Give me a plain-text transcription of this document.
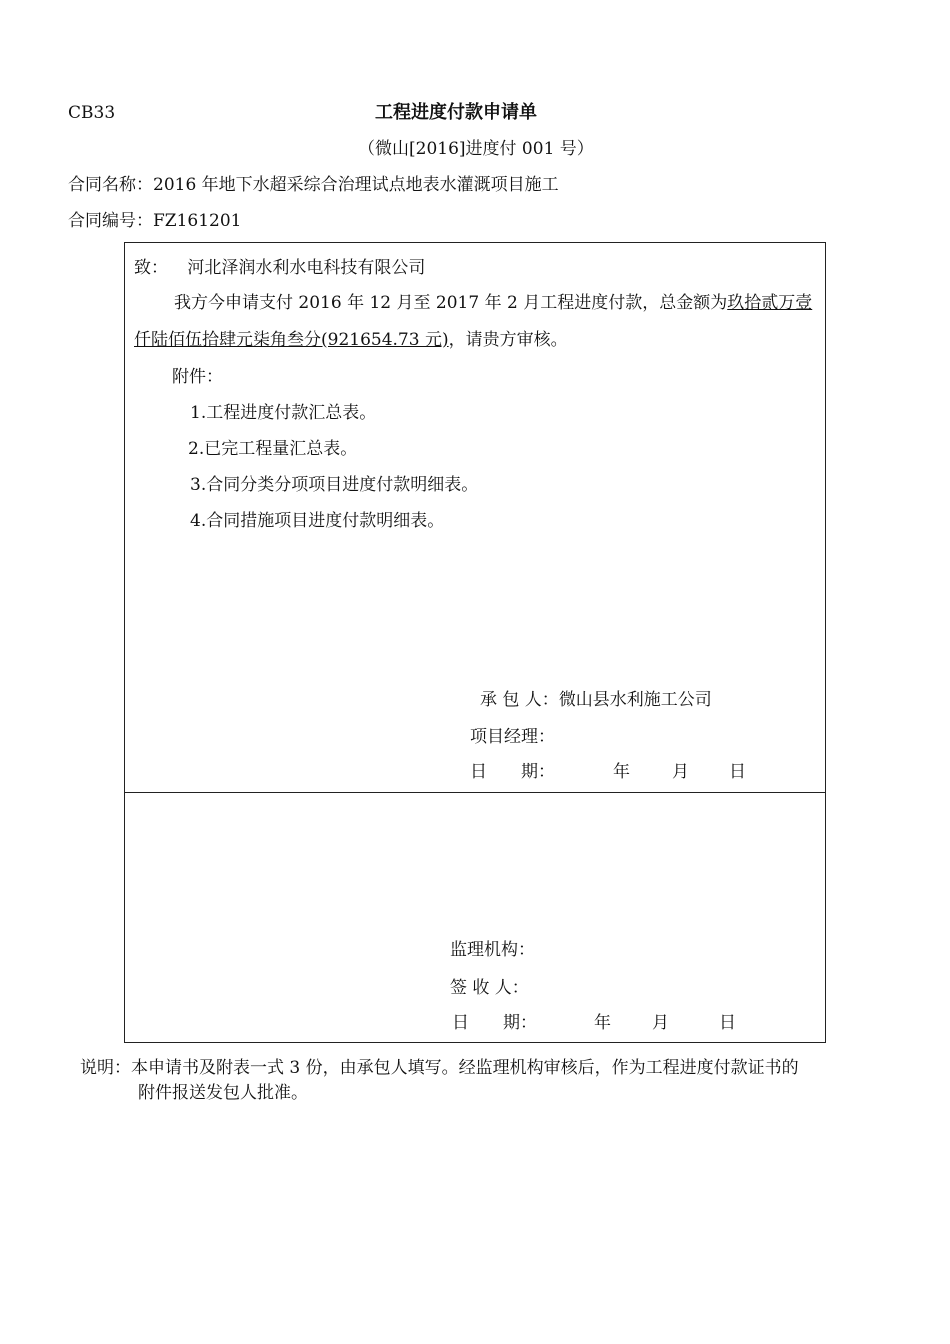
CB33	工程进度付款申请单
（微山[2016]进度付 001 号）
合同名称：2016 年地下水超采综合治理试点地表水灌溉项目施工
合同编号：FZ161201
致： 河北泽润水利水电科技有限公司
我方今申请支付 2016 年 12 月至 2017 年 2 月工程进度付款，总金额为玖拾贰万壹仟陆佰伍拾肆元柒角叁分(921654.73 元)，请贵方审核。
附件：
1.工程进度付款汇总表。
2.已完工程量汇总表。
3.合同分类分项项目进度付款明细表。
4.合同措施项目进度付款明细表。
承 包 人：微山县水利施工公司
项目经理：
日　　期：	年 月 日
监理机构：
签 收 人：
日　　期：	年 月	日
说明：本申请书及附表一式 3 份，由承包人填写。经监理机构审核后，作为工程进度付款证书的
附件报送发包人批准。
